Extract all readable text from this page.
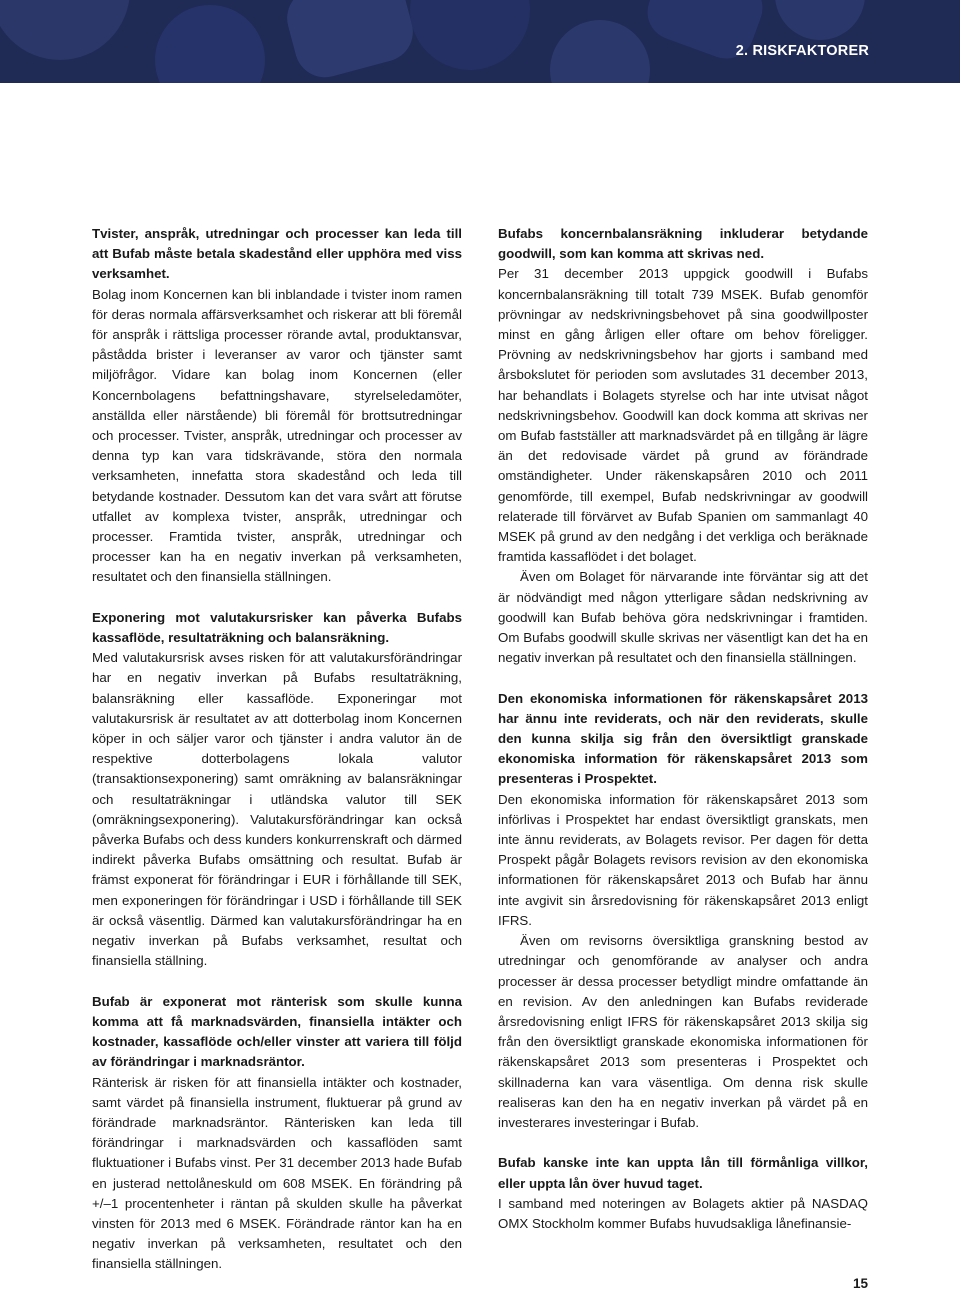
2. RISKFAKTORER

Tvister, anspråk, utredningar och processer kan leda till att Bufab måste betala skadestånd eller upphöra med viss verksamhet.

Bolag inom Koncernen kan bli inblandade i tvister inom ramen för deras normala affärsverksamhet och riskerar att bli föremål för anspråk i rättsliga processer rörande avtal, produktansvar, påstådda brister i leveranser av varor och tjänster samt miljöfrågor. Vidare kan bolag inom Koncernen (eller Koncernbolagens befattningshavare, styrelseledamöter, anställda eller närstående) bli föremål för brottsutredningar och processer. Tvister, anspråk, utredningar och processer av denna typ kan vara tidskrävande, störa den normala verksamheten, innefatta stora skadestånd och leda till betydande kostnader. Dessutom kan det vara svårt att förutse utfallet av komplexa tvister, anspråk, utredningar och processer. Framtida tvister, anspråk, utredningar och processer kan ha en negativ inverkan på verksamheten, resultatet och den finansiella ställningen.

Exponering mot valutakursrisker kan påverka Bufabs kassaflöde, resultaträkning och balansräkning.

Med valutakursrisk avses risken för att valutakursförändringar har en negativ inverkan på Bufabs resultaträkning, balansräkning eller kassaflöde. Exponeringar mot valutakursrisk är resultatet av att dotterbolag inom Koncernen köper in och säljer varor och tjänster i andra valutor än de respektive dotterbolagens lokala valutor (transaktionsexponering) samt omräkning av balansräkningar och resultaträkningar i utländska valutor till SEK (omräkningsexponering). Valutakursförändringar kan också påverka Bufabs och dess kunders konkurrenskraft och därmed indirekt påverka Bufabs omsättning och resultat. Bufab är främst exponerat för förändringar i EUR i förhållande till SEK, men exponeringen för förändringar i USD i förhållande till SEK är också väsentlig. Därmed kan valutakursförändringar ha en negativ inverkan på Bufabs verksamhet, resultat och finansiella ställning.

Bufab är exponerat mot ränterisk som skulle kunna komma att få marknadsvärden, finansiella intäkter och kostnader, kassaflöde och/eller vinster att variera till följd av förändringar i marknadsräntor.

Ränterisk är risken för att finansiella intäkter och kostnader, samt värdet på finansiella instrument, fluktuerar på grund av förändrade marknadsräntor. Ränterisken kan leda till förändringar i marknadsvärden och kassaflöden samt fluktuationer i Bufabs vinst. Per 31 december 2013 hade Bufab en justerad nettolåneskuld om 608 MSEK. En förändring på +/–1 procentenheter i räntan på skulden skulle ha påverkat vinsten för 2013 med 6 MSEK. Förändrade räntor kan ha en negativ inverkan på verksamheten, resultatet och den finansiella ställningen.

Bufabs koncernbalansräkning inkluderar betydande goodwill, som kan komma att skrivas ned.

Per 31 december 2013 uppgick goodwill i Bufabs koncernbalansräkning till totalt 739 MSEK. Bufab genomför prövningar av nedskrivningsbehovet på sina goodwillposter minst en gång årligen eller oftare om behov föreligger. Prövning av nedskrivningsbehov har gjorts i samband med årsbokslutet för perioden som avslutades 31 december 2013, har behandlats i Bolagets styrelse och har inte utvisat något nedskrivningsbehov. Goodwill kan dock komma att skrivas ner om Bufab fastställer att marknadsvärdet på en tillgång är lägre än det redovisade värdet på grund av förändrade omständigheter. Under räkenskapsåren 2010 och 2011 genomförde, till exempel, Bufab nedskrivningar av goodwill relaterade till förvärvet av Bufab Spanien om sammanlagt 40 MSEK på grund av den nedgång i det verkliga och beräknade framtida kassaflödet i det bolaget.

Även om Bolaget för närvarande inte förväntar sig att det är nödvändigt med någon ytterligare sådan nedskrivning av goodwill kan Bufab behöva göra nedskrivningar i framtiden. Om Bufabs goodwill skulle skrivas ner väsentligt kan det ha en negativ inverkan på resultatet och den finansiella ställningen.

Den ekonomiska informationen för räkenskapsåret 2013 har ännu inte reviderats, och när den reviderats, skulle den kunna skilja sig från den översiktligt granskade ekonomiska information för räkenskapsåret 2013 som presenteras i Prospektet.

Den ekonomiska information för räkenskapsåret 2013 som införlivas i Prospektet har endast översiktligt granskats, men inte ännu reviderats, av Bolagets revisor. Per dagen för detta Prospekt pågår Bolagets revisors revision av den ekonomiska informationen för räkenskapsåret 2013 och Bufab har ännu inte avgivit sin årsredovisning för räkenskapsåret 2013 enligt IFRS.

Även om revisorns översiktliga granskning bestod av utredningar och genomförande av analyser och andra processer är dessa processer betydligt mindre omfattande än en revision. Av den anledningen kan Bufabs reviderade årsredovisning enligt IFRS för räkenskapsåret 2013 skilja sig från den översiktligt granskade ekonomiska informationen för räkenskapsåret 2013 som presenteras i Prospektet och skillnaderna kan vara väsentliga. Om denna risk skulle realiseras kan den ha en negativ inverkan på värdet på en investerares investeringar i Bufab.

Bufab kanske inte kan uppta lån till förmånliga villkor, eller uppta lån över huvud taget.

I samband med noteringen av Bolagets aktier på NASDAQ OMX Stockholm kommer Bufabs huvudsakliga lånefinansie-

15
